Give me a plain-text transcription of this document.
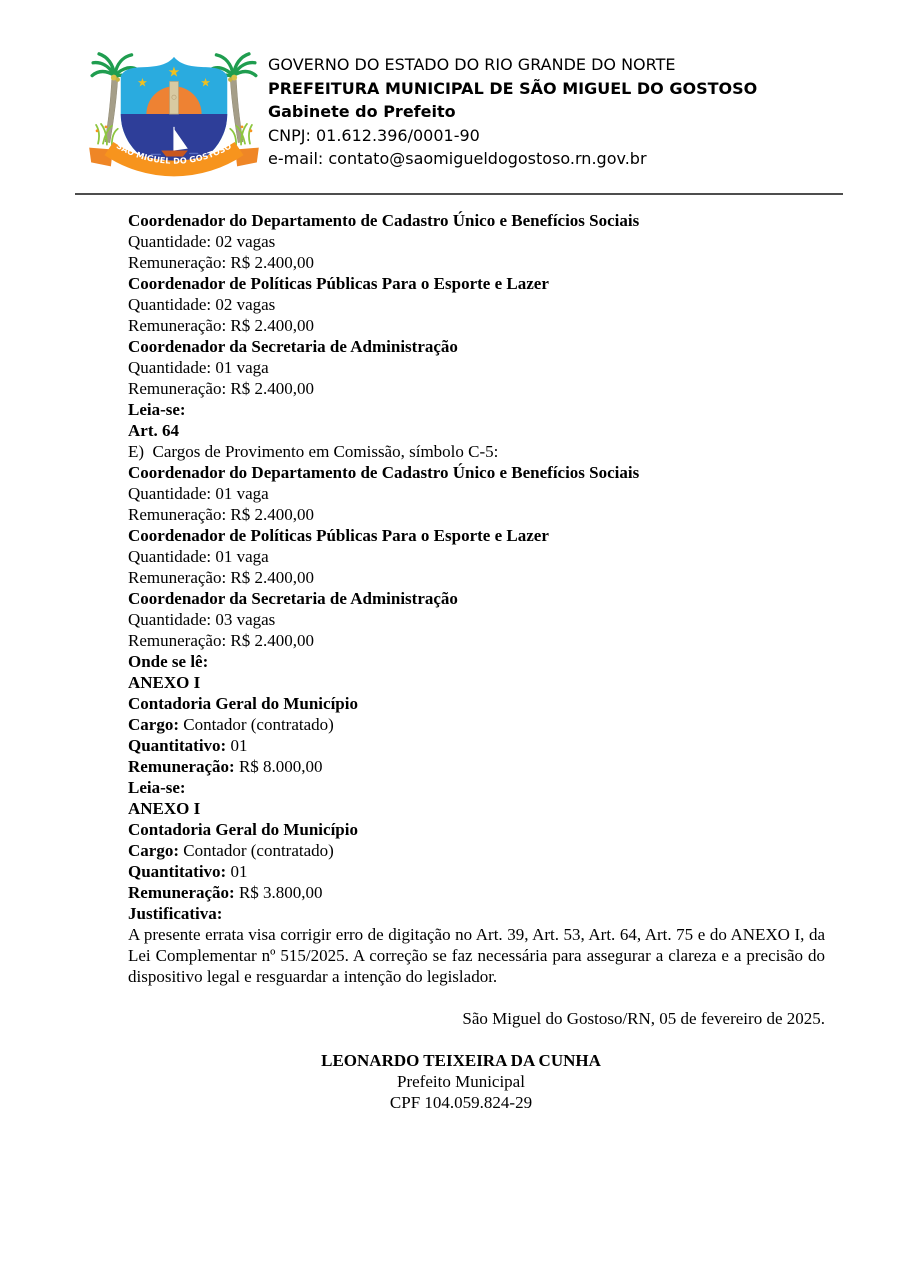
★
★
★
SÃO MIGUEL DO GOSTOSO
GOVERNO DO ESTADO DO RIO GRANDE DO NORTE
PREFEITURA MUNICIPAL DE SÃO MIGUEL DO GOSTOSO
Gabinete do Prefeito
CNPJ: 01.612.396/0001-90
e-mail: contato@saomigueldogostoso.rn.gov.br
Coordenador do Departamento de Cadastro Único e Benefícios Sociais
Quantidade: 02 vagas
Remuneração: R$ 2.400,00
Coordenador de Políticas Públicas Para o Esporte e Lazer
Quantidade: 02 vagas
Remuneração: R$ 2.400,00
Coordenador da Secretaria de Administração
Quantidade: 01 vaga
Remuneração: R$ 2.400,00
Leia-se:
Art. 64
E)  Cargos de Provimento em Comissão, símbolo C-5:
Coordenador do Departamento de Cadastro Único e Benefícios Sociais
Quantidade: 01 vaga
Remuneração: R$ 2.400,00
Coordenador de Políticas Públicas Para o Esporte e Lazer
Quantidade: 01 vaga
Remuneração: R$ 2.400,00
Coordenador da Secretaria de Administração
Quantidade: 03 vagas
Remuneração: R$ 2.400,00
Onde se lê:
ANEXO I
Contadoria Geral do Município
Cargo: Contador (contratado)
Quantitativo: 01
Remuneração: R$ 8.000,00
Leia-se:
ANEXO I
Contadoria Geral do Município
Cargo: Contador (contratado)
Quantitativo: 01
Remuneração: R$ 3.800,00
Justificativa:
A presente errata visa corrigir erro de digitação no Art. 39, Art. 53, Art. 64, Art. 75 e do ANEXO I, da Lei Complementar nº 515/2025. A correção se faz necessária para assegurar a clareza e a precisão do dispositivo legal e resguardar a intenção do legislador.
São Miguel do Gostoso/RN, 05 de fevereiro de 2025.
LEONARDO TEIXEIRA DA CUNHA
Prefeito Municipal
CPF 104.059.824-29
